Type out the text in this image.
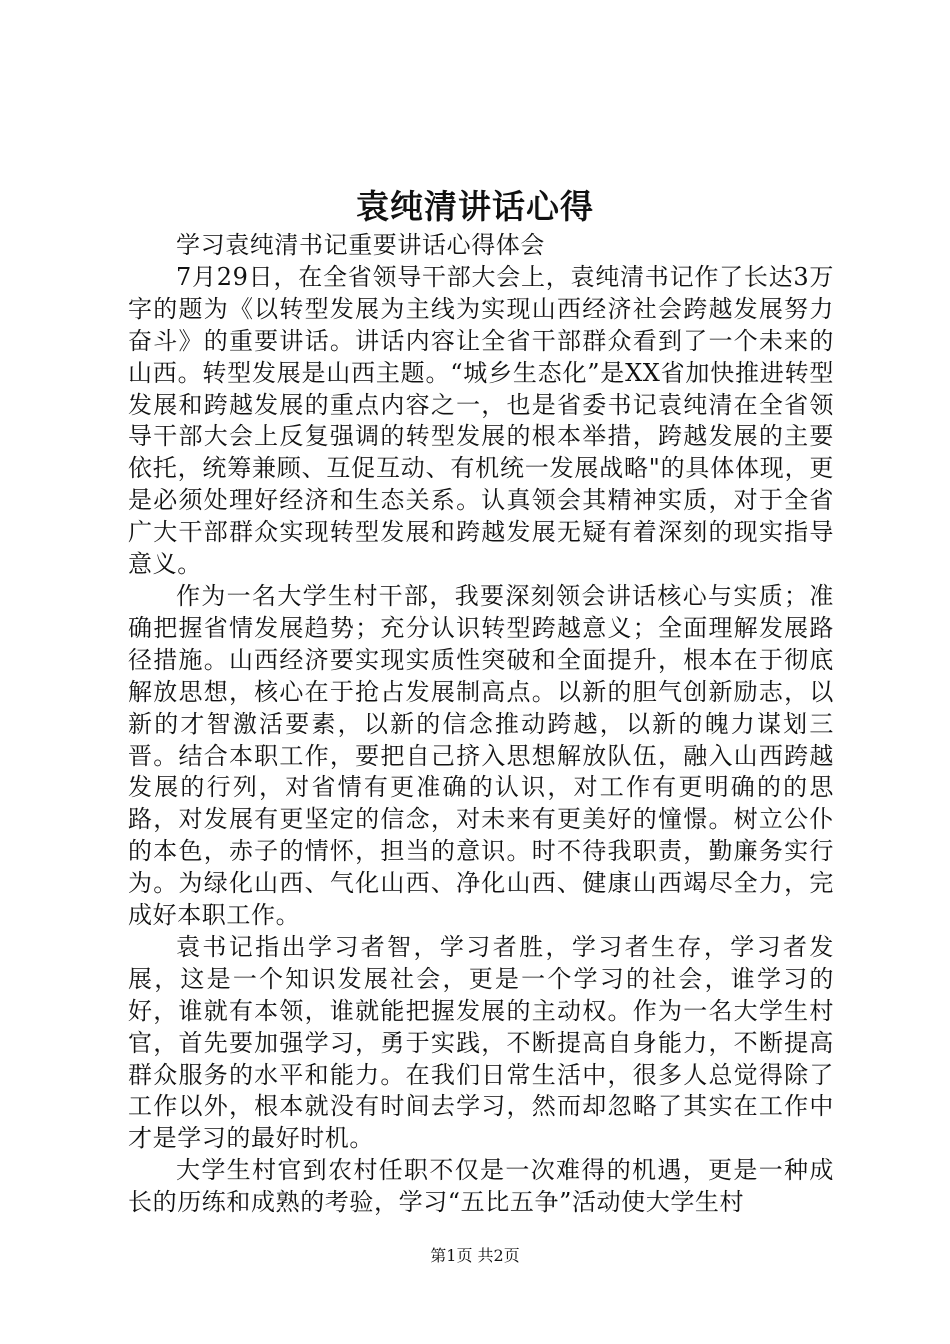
袁纯清讲话心得

学习袁纯清书记重要讲话心得体会

7月29日，在全省领导干部大会上，袁纯清书记作了长达3万字的题为《以转型发展为主线为实现山西经济社会跨越发展努力奋斗》的重要讲话。讲话内容让全省干部群众看到了一个未来的山西。转型发展是山西主题。“城乡生态化”是XX省加快推进转型发展和跨越发展的重点内容之一，也是省委书记袁纯清在全省领导干部大会上反复强调的转型发展的根本举措，跨越发展的主要依托，统筹兼顾、互促互动、有机统一发展战略"的具体体现，更是必须处理好经济和生态关系。认真领会其精神实质，对于全省广大干部群众实现转型发展和跨越发展无疑有着深刻的现实指导意义。

作为一名大学生村干部，我要深刻领会讲话核心与实质；准确把握省情发展趋势；充分认识转型跨越意义；全面理解发展路径措施。山西经济要实现实质性突破和全面提升，根本在于彻底解放思想，核心在于抢占发展制高点。以新的胆气创新励志，以新的才智激活要素，以新的信念推动跨越，以新的魄力谋划三晋。结合本职工作，要把自己挤入思想解放队伍，融入山西跨越发展的行列，对省情有更准确的认识，对工作有更明确的的思路，对发展有更坚定的信念，对未来有更美好的憧憬。树立公仆的本色，赤子的情怀，担当的意识。时不待我职责，勤廉务实行为。为绿化山西、气化山西、净化山西、健康山西竭尽全力，完成好本职工作。

袁书记指出学习者智，学习者胜，学习者生存，学习者发展，这是一个知识发展社会，更是一个学习的社会，谁学习的好，谁就有本领，谁就能把握发展的主动权。作为一名大学生村官，首先要加强学习，勇于实践，不断提高自身能力，不断提高群众服务的水平和能力。在我们日常生活中，很多人总觉得除了工作以外，根本就没有时间去学习，然而却忽略了其实在工作中才是学习的最好时机。

大学生村官到农村任职不仅是一次难得的机遇，更是一种成长的历练和成熟的考验，学习“五比五争”活动使大学生村

第1页 共2页
